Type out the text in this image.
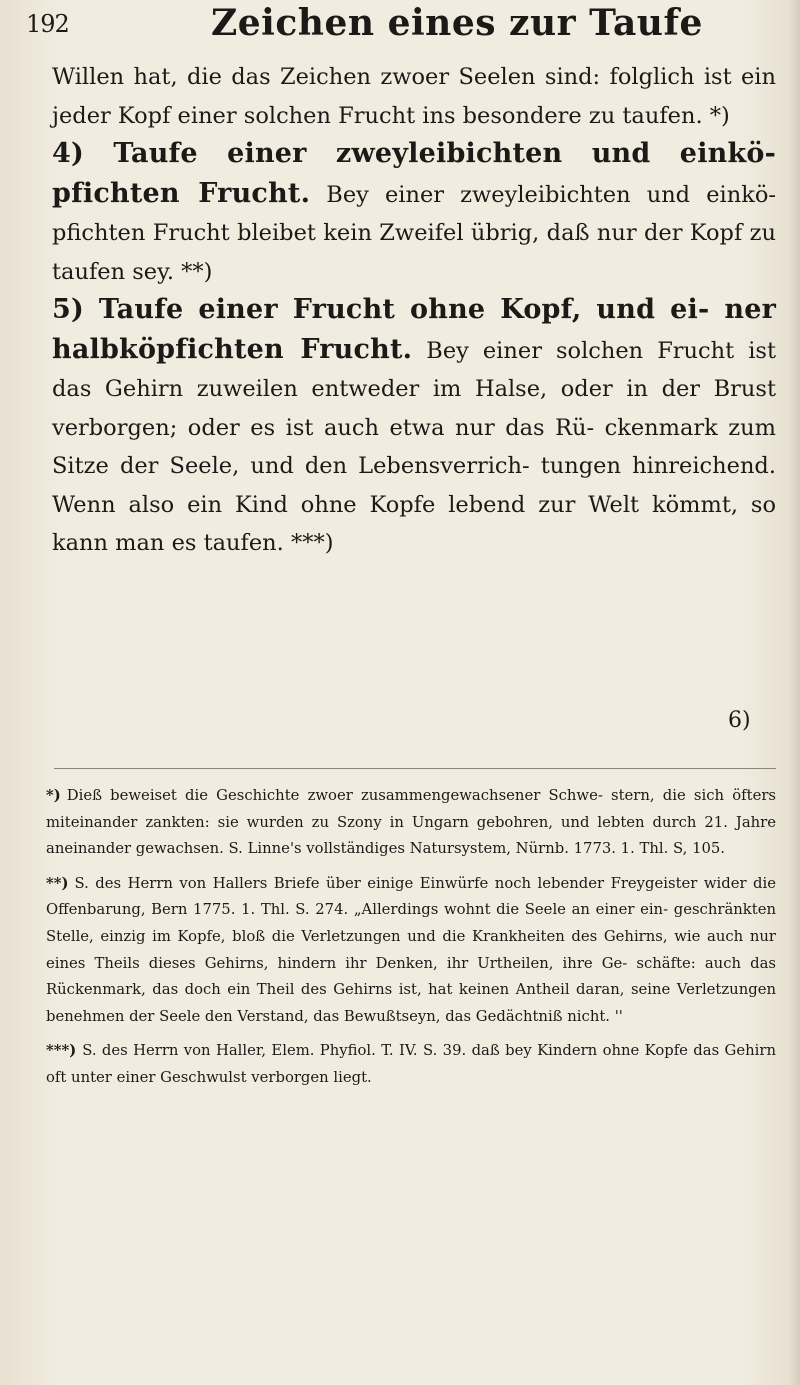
192	Zeichen eines zur Taufe

Willen hat, die das Zeichen zwoer Seelen sind: folglich ist ein jeder Kopf einer solchen Frucht ins besondere zu taufen. *)

4) Taufe einer zweyleibichten und einkö- pfichten Frucht. Bey einer zweyleibichten und einkö- pfichten Frucht bleibet kein Zweifel übrig, daß nur der Kopf zu taufen sey. **)

5) Taufe einer Frucht ohne Kopf, und ei- ner halbköpfichten Frucht. Bey einer solchen Frucht ist das Gehirn zuweilen entweder im Halse, oder in der Brust verborgen; oder es ist auch etwa nur das Rü- ckenmark zum Sitze der Seele, und den Lebensverrich- tungen hinreichend. Wenn also ein Kind ohne Kopfe lebend zur Welt kömmt, so kann man es taufen. ***)

6)

*) Dieß beweiset die Geschichte zwoer zusammengewachsener Schwe- stern, die sich öfters miteinander zankten: sie wurden zu Szony in Ungarn gebohren, und lebten durch 21. Jahre aneinander gewachsen. S. Linne's vollständiges Natursystem, Nürnb. 1773. 1. Thl. S, 105.

**) S. des Herrn von Hallers Briefe über einige Einwürfe noch lebender Freygeister wider die Offenbarung, Bern 1775. 1. Thl. S. 274. „Allerdings wohnt die Seele an einer ein- geschränkten Stelle, einzig im Kopfe, bloß die Verletzungen und die Krankheiten des Gehirns, wie auch nur eines Theils dieses Gehirns, hindern ihr Denken, ihr Urtheilen, ihre Ge- schäfte: auch das Rückenmark, das doch ein Theil des Gehirns ist, hat keinen Antheil daran, seine Verletzungen benehmen der Seele den Verstand, das Bewußtseyn, das Gedächtniß nicht. ''

***) S. des Herrn von Haller, Elem. Phyfiol. T. IV. S. 39. daß bey Kindern ohne Kopfe das Gehirn oft unter einer Geschwulst verborgen liegt.
